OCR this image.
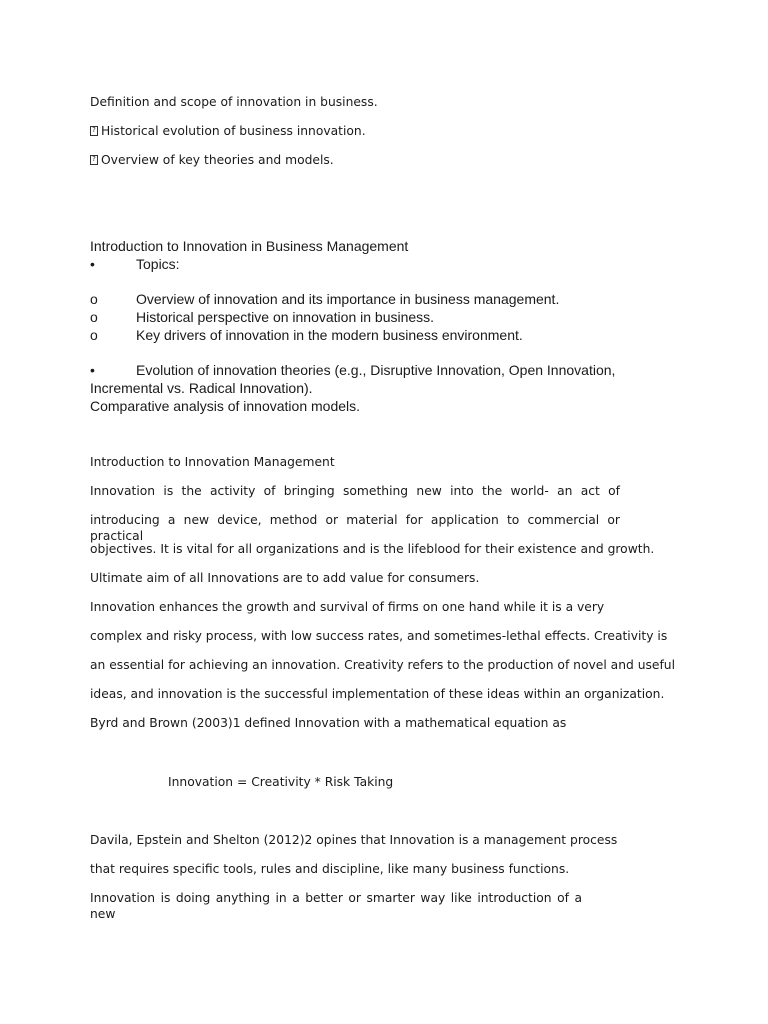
Definition and scope of innovation in business.
?Historical evolution of business innovation.
?Overview of key theories and models.
Introduction to Innovation in Business Management
•	Topics:
o	Overview of innovation and its importance in business management.
o	Historical perspective on innovation in business.
o	Key drivers of innovation in the modern business environment.
•	Evolution of innovation theories (e.g., Disruptive Innovation, Open Innovation,
Incremental vs. Radical Innovation).
Comparative analysis of innovation models.
Introduction to Innovation Management
Innovation is the activity of bringing something new into the world- an act of
introducing a new device, method or material for application to commercial or practical
objectives. It is vital for all organizations and is the lifeblood for their existence and growth.
Ultimate aim of all Innovations are to add value for consumers.
Innovation enhances the growth and survival of firms on one hand while it is a very
complex and risky process, with low success rates, and sometimes-lethal effects. Creativity is
an essential for achieving an innovation. Creativity refers to the production of novel and useful
ideas, and innovation is the successful implementation of these ideas within an organization.
Byrd and Brown (2003)1 defined Innovation with a mathematical equation as
Innovation = Creativity * Risk Taking
Davila, Epstein and Shelton (2012)2 opines that Innovation is a management process
that requires specific tools, rules and discipline, like many business functions.
Innovation is doing anything in a better or smarter way like introduction of a new
